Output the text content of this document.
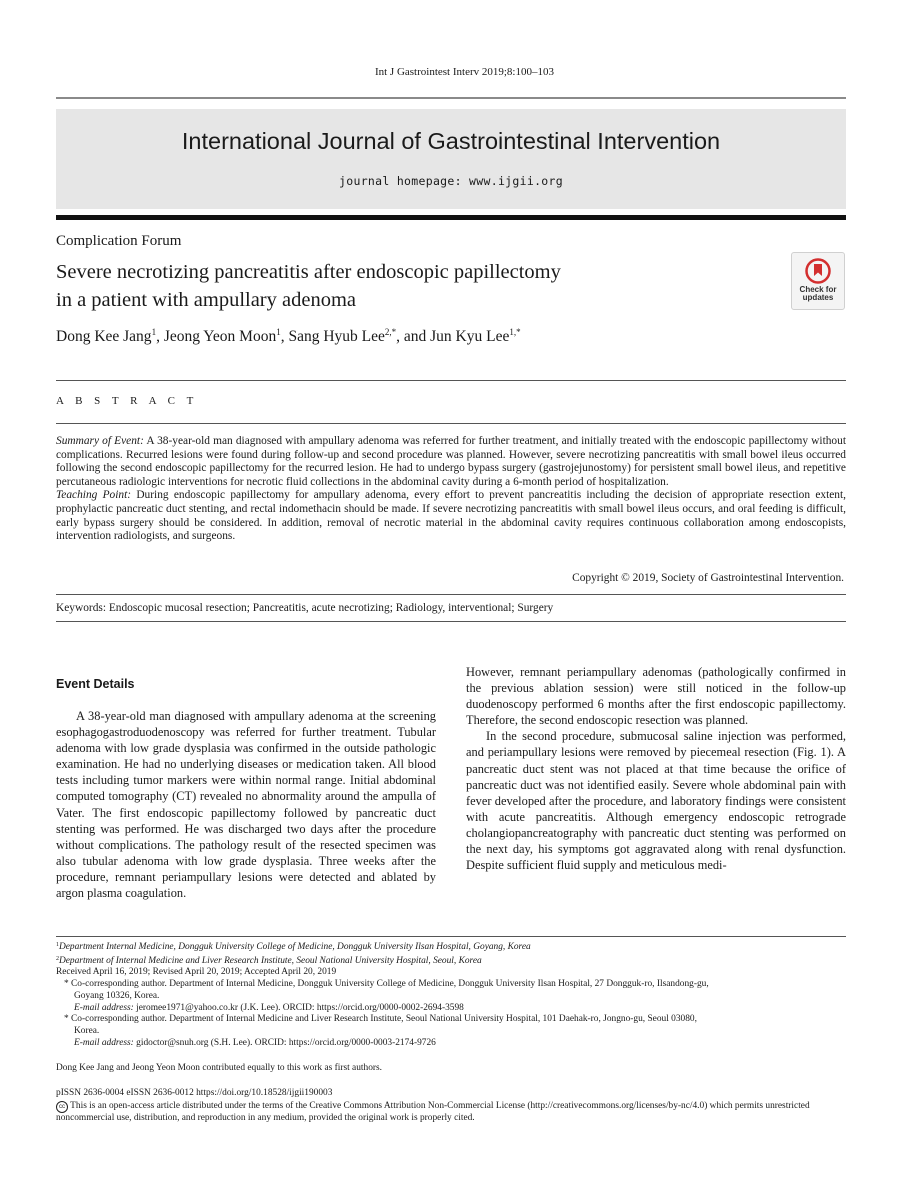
Int J Gastrointest Interv 2019;8:100–103
International Journal of Gastrointestinal Intervention
journal homepage: www.ijgii.org
Complication Forum
Severe necrotizing pancreatitis after endoscopic papillectomy
in a patient with ampullary adenoma	Check for
updates
Dong Kee Jang$^1$, Jeong Yeon Moon$^1$, Sang Hyub Lee$^{2,*}$, and Jun Kyu Lee$^{1,*}$
A B S T R A C T

Summary of Event: A 38-year-old man diagnosed with ampullary adenoma was referred for further treatment, and initially treated with the endoscopic papillectomy without complications. Recurred lesions were found during follow-up and second procedure was planned. However, severe necrotizing pancreatitis with small bowel ileus occurred following the second endoscopic papillectomy for the recurred lesion. He had to undergo bypass surgery (gastrojejunostomy) for persistent small bowel ileus, and repetitive percutaneous radiologic interventions for necrotic fluid collections in the abdominal cavity during a 6-month period of hospitalization.

Teaching Point: During endoscopic papillectomy for ampullary adenoma, every effort to prevent pancreatitis including the decision of appropriate resection extent, prophylactic pancreatic duct stenting, and rectal indomethacin should be made. If severe necrotizing pancreatitis with small bowel ileus occurs, and oral feeding is difficult, early bypass surgery should be considered. In addition, removal of necrotic material in the abdominal cavity requires continuous collaboration among endoscopists, intervention radiologists, and surgeons.

Copyright © 2019, Society of Gastrointestinal Intervention.
Keywords: Endoscopic mucosal resection; Pancreatitis, acute necrotizing; Radiology, interventional; Surgery
Event Details

A 38-year-old man diagnosed with ampullary adenoma at the screening esophagogastroduodenoscopy was referred for further treatment. Tubular adenoma with low grade dysplasia was confirmed in the outside pathologic examination. He had no underlying diseases or medication taken. All blood tests including tumor markers were within normal range. Initial abdominal computed tomography (CT) revealed no abnormality around the ampulla of Vater. The first endoscopic papillectomy followed by pancreatic duct stenting was performed. He was discharged two days after the procedure without complications. The pathology result of the resected specimen was also tubular adenoma with low grade dysplasia. Three weeks after the procedure, remnant periampullary lesions were detected and ablated by argon plasma coagulation.

However, remnant periampullary adenomas (pathologically confirmed in the previous ablation session) were still noticed in the follow-up duodenoscopy performed 6 months after the first endoscopic papillectomy. Therefore, the second endoscopic resection was planned.

In the second procedure, submucosal saline injection was performed, and periampullary lesions were removed by piecemeal resection (Fig. 1). A pancreatic duct stent was not placed at that time because the orifice of pancreatic duct was not identified easily. Severe whole abdominal pain with fever developed after the procedure, and laboratory findings were consistent with acute pancreatitis. Although emergency endoscopic retrograde cholangiopancreatography with pancreatic duct stenting was performed on the next day, his symptoms got aggravated along with renal dysfunction. Despite sufficient fluid supply and meticulous medi-

$^1$Department Internal Medicine, Dongguk University College of Medicine, Dongguk University Ilsan Hospital, Goyang, Korea

$^2$Department of Internal Medicine and Liver Research Institute, Seoul National University Hospital, Seoul, Korea

Received April 16, 2019; Revised April 20, 2019; Accepted April 20, 2019

* Co-corresponding author. Department of Internal Medicine, Dongguk University College of Medicine, Dongguk University Ilsan Hospital, 27 Dongguk-ro, Ilsandong-gu,

Goyang 10326, Korea.

E-mail address: jeromee1971@yahoo.co.kr (J.K. Lee). ORCID: https://orcid.org/0000-0002-2694-3598

* Co-corresponding author. Department of Internal Medicine and Liver Research Institute, Seoul National University Hospital, 101 Daehak-ro, Jongno-gu, Seoul 03080,

Korea.

E-mail address: gidoctor@snuh.org (S.H. Lee). ORCID: https://orcid.org/0000-0003-2174-9726

Dong Kee Jang and Jeong Yeon Moon contributed equally to this work as first authors.
pISSN 2636-0004 eISSN 2636-0012 https://doi.org/10.18528/ijgii190003
cc This is an open-access article distributed under the terms of the Creative Commons Attribution Non-Commercial License (http://creativecommons.org/licenses/by-nc/4.0) which permits unrestricted noncommercial use, distribution, and reproduction in any medium, provided the original work is properly cited.
